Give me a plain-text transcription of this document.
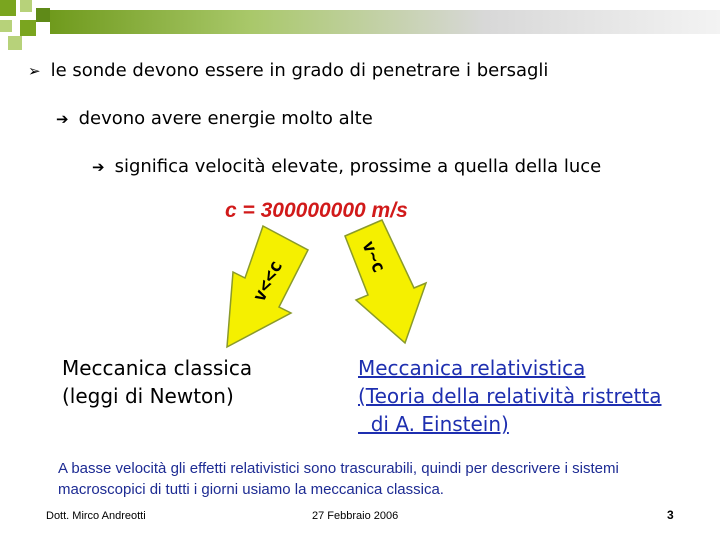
➢ le sonde devono essere in grado di penetrare i bersagli
➔ devono avere energie molto alte
➔ significa velocità elevate, prossime a quella della luce
c = 300000000 m/s
v<<c
v~c
Meccanica classica
(leggi di Newton)
Meccanica relativistica
(Teoria della relatività ristretta
di A. Einstein)
A basse velocità gli effetti relativistici sono trascurabili, quindi per descrivere i sistemi macroscopici di tutti i giorni usiamo la meccanica classica.
Dott. Mirco Andreotti	27 Febbraio 2006	3
